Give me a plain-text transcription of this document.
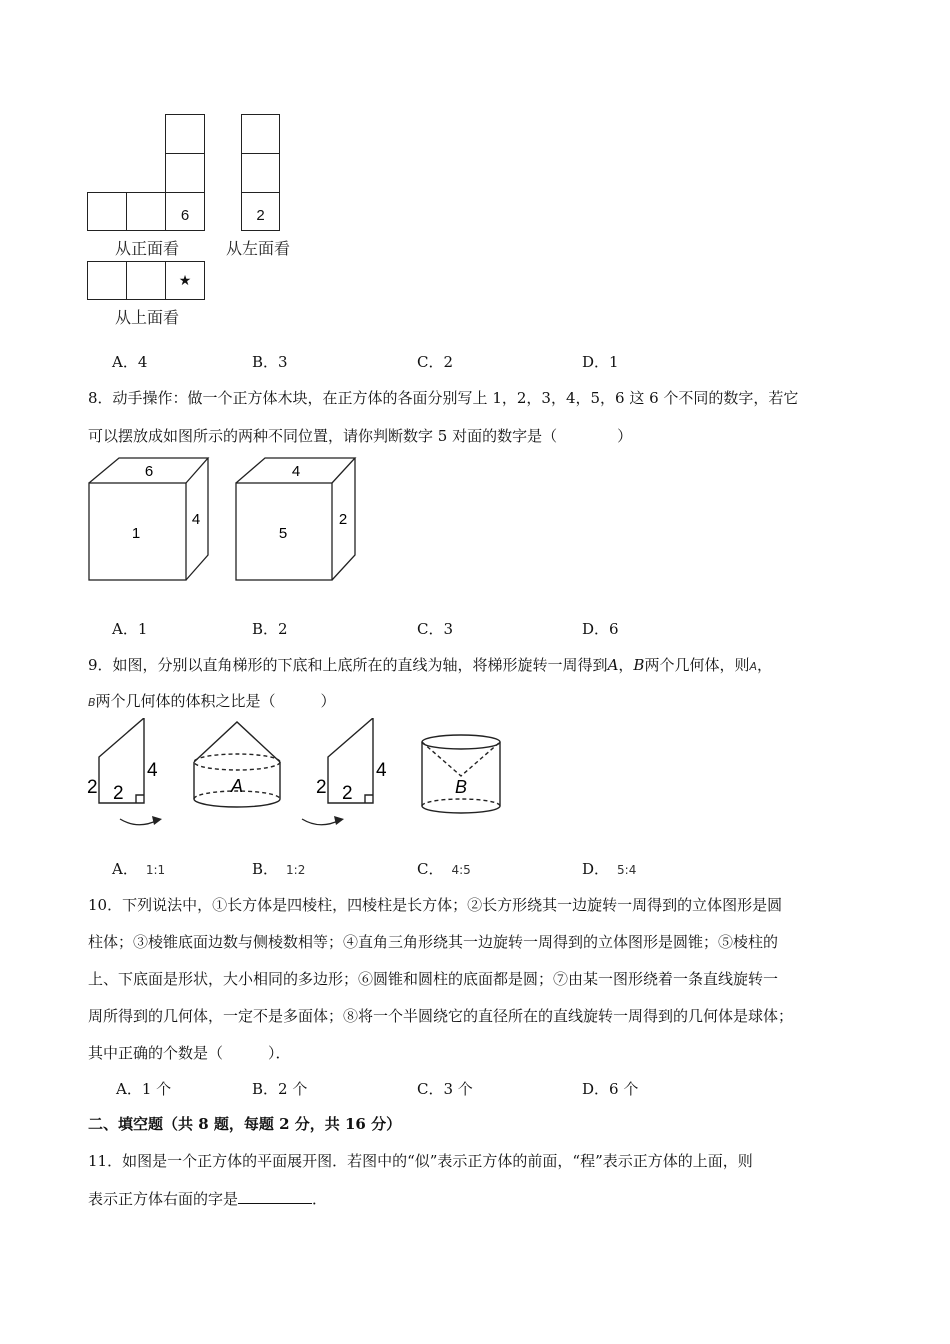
6
从正面看
2
从左面看
★
从上面看
A．4	B．3	C．2	D．1
8．动手操作：做一个正方体木块，在正方体的各面分别写上 1，2，3，4，5，6 这 6 个不同的数字，若它
可以摆放成如图所示的两种不同位置，请你判断数字 5 对面的数字是（　　　　）
6
1
4
4
5
2
A．1	B．2	C．3	D．6
9．如图，分别以直角梯形的下底和上底所在的直线为轴，将梯形旋转一周得到A，B两个几何体，则A，
B两个几何体的体积之比是（　　　）
2 2
4
A	2 2
4
B
A． 1:1	B． 1:2	C． 4:5	D． 5:4
10．下列说法中，①长方体是四棱柱，四棱柱是长方体；②长方形绕其一边旋转一周得到的立体图形是圆
柱体；③棱锥底面边数与侧棱数相等；④直角三角形绕其一边旋转一周得到的立体图形是圆锥；⑤棱柱的
上、下底面是形状，大小相同的多边形；⑥圆锥和圆柱的底面都是圆；⑦由某一图形绕着一条直线旋转一
周所得到的几何体，一定不是多面体；⑧将一个半圆绕它的直径所在的直线旋转一周得到的几何体是球体；
其中正确的个数是（　　　）．
A．1 个	B．2 个	C．3 个	D．6 个
二、填空题（共 8 题，每题 2 分，共 16 分）
11．如图是一个正方体的平面展开图．若图中的“似”表示正方体的前面，“程”表示正方体的上面，则
表示正方体右面的字是	．
